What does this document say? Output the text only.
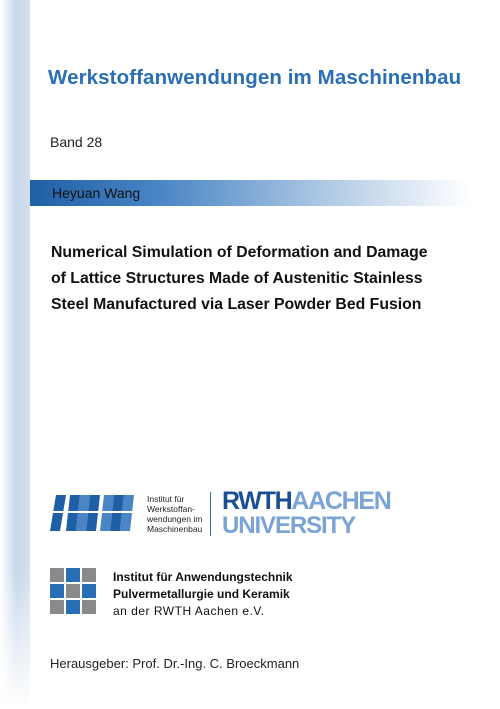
Werkstoffanwendungen im Maschinenbau
Band 28
Heyuan Wang
Numerical Simulation of Deformation and Damage
of Lattice Structures Made of Austenitic Stainless
Steel Manufactured via Laser Powder Bed Fusion
Institut für
Werkstoffan-
wendungen im
Maschinenbau
RWTHAACHEN
UNIVERSITY
Institut für Anwendungstechnik
Pulvermetallurgie und Keramik
an der RWTH Aachen e.V.
Herausgeber: Prof. Dr.-Ing. C. Broeckmann
